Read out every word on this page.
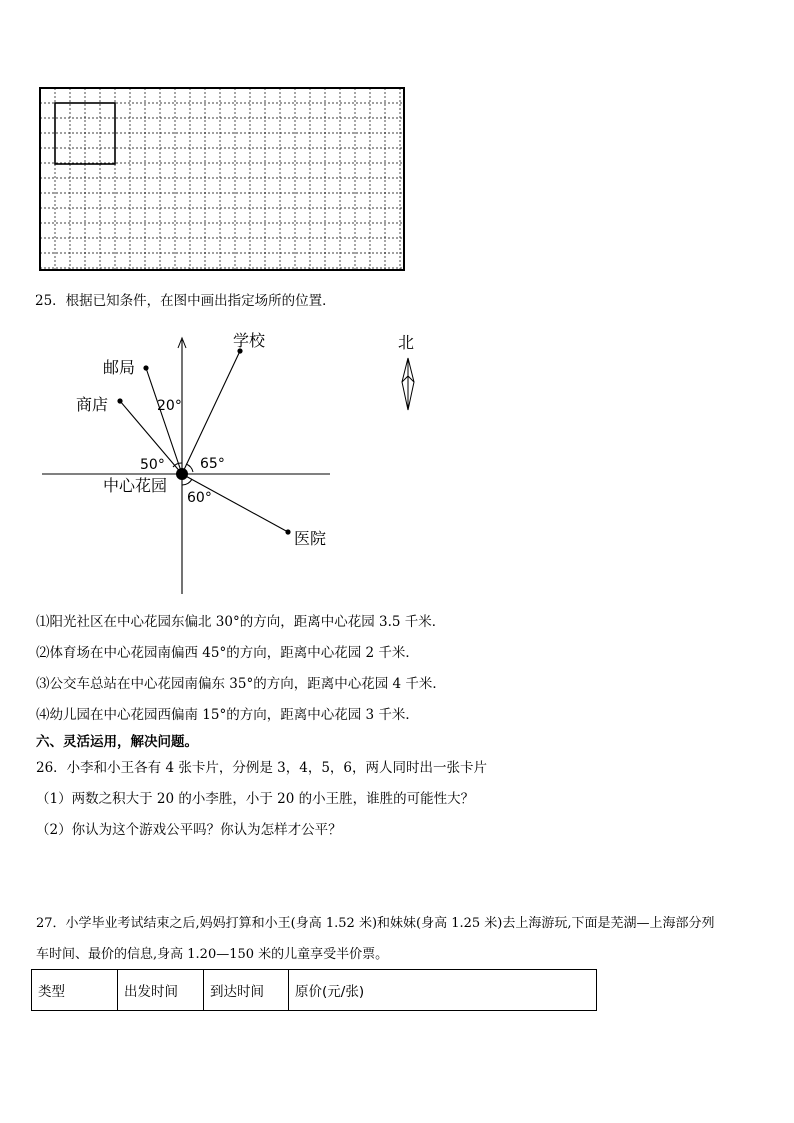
25．根据已知条件，在图中画出指定场所的位置．
学校
邮局
商店
中心花园
医院
20°
50°	65°
60°
北
⑴阳光社区在中心花园东偏北 30°的方向，距离中心花园 3.5 千米．
⑵体育场在中心花园南偏西 45°的方向，距离中心花园 2 千米．
⑶公交车总站在中心花园南偏东 35°的方向，距离中心花园 4 千米．
⑷幼儿园在中心花园西偏南 15°的方向，距离中心花园 3 千米．
六、灵活运用，解决问题。
26．小李和小王各有 4 张卡片，分例是 3，4，5，6，两人同时出一张卡片
（1）两数之积大于 20 的小李胜，小于 20 的小王胜，谁胜的可能性大？
（2）你认为这个游戏公平吗？你认为怎样才公平？
27．小学毕业考试结束之后,妈妈打算和小王(身高 1.52 米)和妹妹(身高 1.25 米)去上海游玩,下面是芜湖—上海部分列
车时间、最价的信息,身高 1.20—150 米的儿童享受半价票。
类型	出发时间	到达时间	原价(元/张)
